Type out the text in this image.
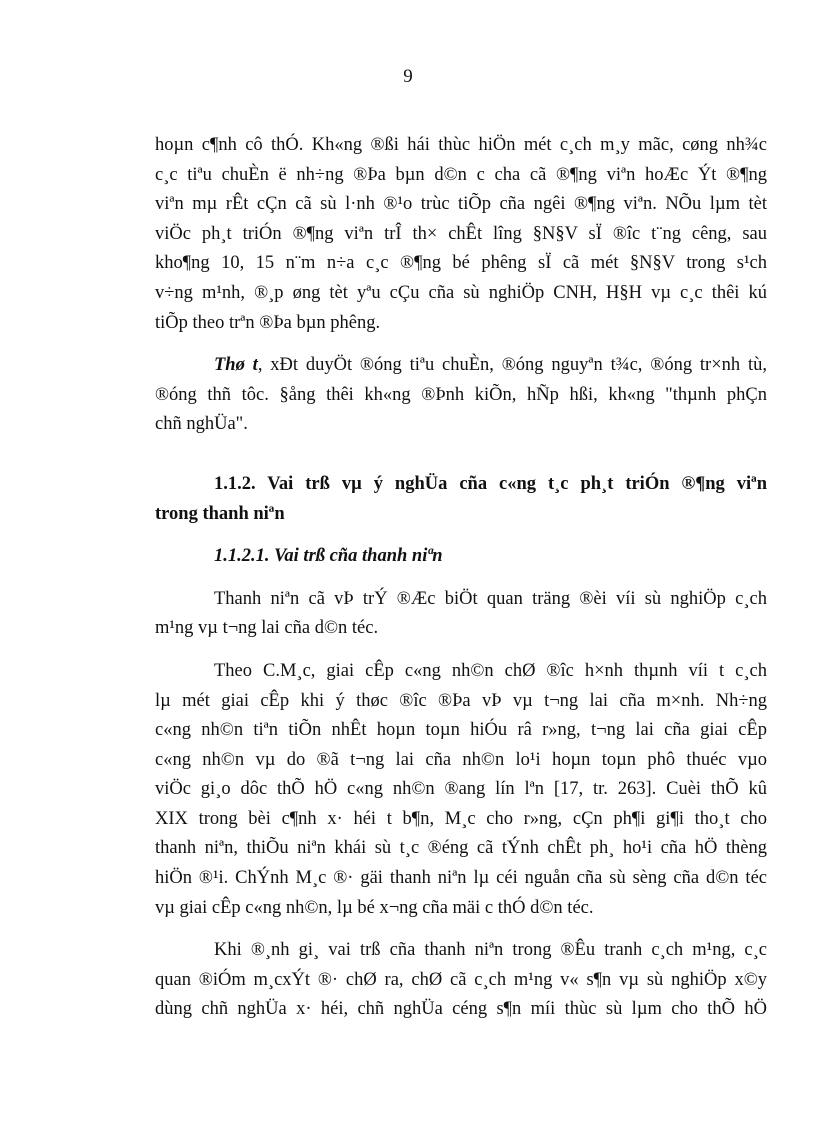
9

hoµn c¶nh cô thÓ. Kh«ng ®ßi hái thùc hiÖn mét c¸ch m¸y mãc, cøng nh¾c
c¸c tiªu chuÈn ë nh÷ng ®Þa bµn d©n c cha cã ®¶ng viªn hoÆc Ýt ®¶ng
viªn mµ rÊt cÇn cã sù l·nh ®¹o trùc tiÕp cña ngêi ®¶ng viªn. NÕu lµm tèt
viÖc ph¸t triÓn ®¶ng viªn trÎ th× chÊt lîng §N§V sÏ ®îc t¨ng cêng, sau
kho¶ng 10, 15 n¨m n÷a c¸c ®¶ng bé phêng sÏ cã mét §N§V trong s¹ch
v÷ng m¹nh, ®¸p øng tèt yªu cÇu cña sù nghiÖp CNH, H§H vµ c¸c thêi kú
tiÕp theo trªn ®Þa bµn phêng.

Thø t, xÐt duyÖt ®óng tiªu chuÈn, ®óng nguyªn t¾c, ®óng tr×nh tù,
®óng thñ tôc. §ång thêi kh«ng ®Þnh kiÕn, hÑp hßi, kh«ng "thµnh phÇn
chñ nghÜa".

1.1.2. Vai trß vµ ý nghÜa cña c«ng t¸c ph¸t triÓn ®¶ng viªn
trong thanh niªn

1.1.2.1. Vai trß cña thanh niªn

Thanh niªn cã vÞ trÝ ®Æc biÖt quan träng ®èi víi sù nghiÖp c¸ch
m¹ng vµ t¬ng lai cña d©n téc.

Theo C.M¸c, giai cÊp c«ng nh©n chØ ®îc h×nh thµnh víi t c¸ch
lµ mét giai cÊp khi ý thøc ®îc ®Þa vÞ vµ t¬ng lai cña m×nh. Nh÷ng
c«ng nh©n tiªn tiÕn nhÊt hoµn toµn hiÓu râ r»ng, t¬ng lai cña giai cÊp
c«ng nh©n vµ do ®ã t¬ng lai cña nh©n lo¹i hoµn toµn phô thuéc vµo
viÖc gi¸o dôc thÕ hÖ c«ng nh©n ®ang lín lªn [17, tr. 263]. Cuèi thÕ kû
XIX trong bèi c¶nh x· héi t b¶n, M¸c cho r»ng, cÇn ph¶i gi¶i tho¸t cho
thanh niªn, thiÕu niªn khái sù t¸c ®éng cã tÝnh chÊt ph¸ ho¹i cña hÖ thèng
hiÖn ®¹i. ChÝnh M¸c ®· gäi thanh niªn lµ céi nguån cña sù sèng cña d©n téc
vµ giai cÊp c«ng nh©n, lµ bé x¬ng cña mäi c thÓ d©n téc.

Khi ®¸nh gi¸ vai trß cña thanh niªn trong ®Êu tranh c¸ch m¹ng, c¸c
quan ®iÓm m¸cxÝt ®· chØ ra, chØ cã c¸ch m¹ng v« s¶n vµ sù nghiÖp x©y
dùng chñ nghÜa x· héi, chñ nghÜa céng s¶n míi thùc sù lµm cho thÕ hÖ
